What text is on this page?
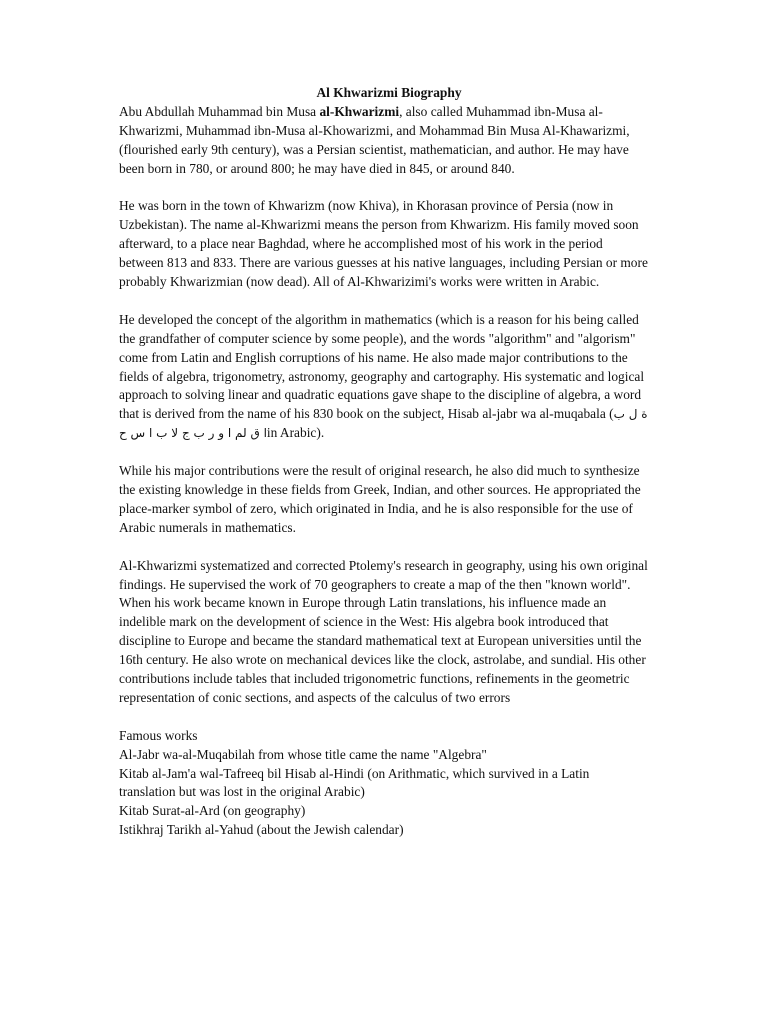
Al Khwarizmi Biography

Abu Abdullah Muhammad bin Musa al-Khwarizmi, also called Muhammad ibn-Musa al-Khwarizmi, Muhammad ibn-Musa al-Khowarizmi, and Mohammad Bin Musa Al-Khawarizmi, (flourished early 9th century), was a Persian scientist, mathematician, and author. He may have been born in 780, or around 800; he may have died in 845, or around 840.

He was born in the town of Khwarizm (now Khiva), in Khorasan province of Persia (now in Uzbekistan). The name al-Khwarizmi means the person from Khwarizm. His family moved soon afterward, to a place near Baghdad, where he accomplished most of his work in the period between 813 and 833. There are various guesses at his native languages, including Persian or more probably Khwarizmian (now dead). All of Al-Khwarizimi's works were written in Arabic.

He developed the concept of the algorithm in mathematics (which is a reason for his being called the grandfather of computer science by some people), and the words "algorithm" and "algorism" come from Latin and English corruptions of his name. He also made major contributions to the fields of algebra, trigonometry, astronomy, geography and cartography. His systematic and logical approach to solving linear and quadratic equations gave shape to the discipline of algebra, a word that is derived from the name of his 830 book on the subject, Hisab al-jabr wa al-muqabala (ة ل ب ا ق لم ا و ر ب ج لا ب ا س حin Arabic).

While his major contributions were the result of original research, he also did much to synthesize the existing knowledge in these fields from Greek, Indian, and other sources. He appropriated the place-marker symbol of zero, which originated in India, and he is also responsible for the use of Arabic numerals in mathematics.

Al-Khwarizmi systematized and corrected Ptolemy's research in geography, using his own original findings. He supervised the work of 70 geographers to create a map of the then "known world". When his work became known in Europe through Latin translations, his influence made an indelible mark on the development of science in the West: His algebra book introduced that discipline to Europe and became the standard mathematical text at European universities until the 16th century. He also wrote on mechanical devices like the clock, astrolabe, and sundial. His other contributions include tables that included trigonometric functions, refinements in the geometric representation of conic sections, and aspects of the calculus of two errors

Famous works
Al-Jabr wa-al-Muqabilah from whose title came the name "Algebra"
Kitab al-Jam'a wal-Tafreeq bil Hisab al-Hindi (on Arithmatic, which survived in a Latin translation but was lost in the original Arabic)
Kitab Surat-al-Ard (on geography)
Istikhraj Tarikh al-Yahud (about the Jewish calendar)
